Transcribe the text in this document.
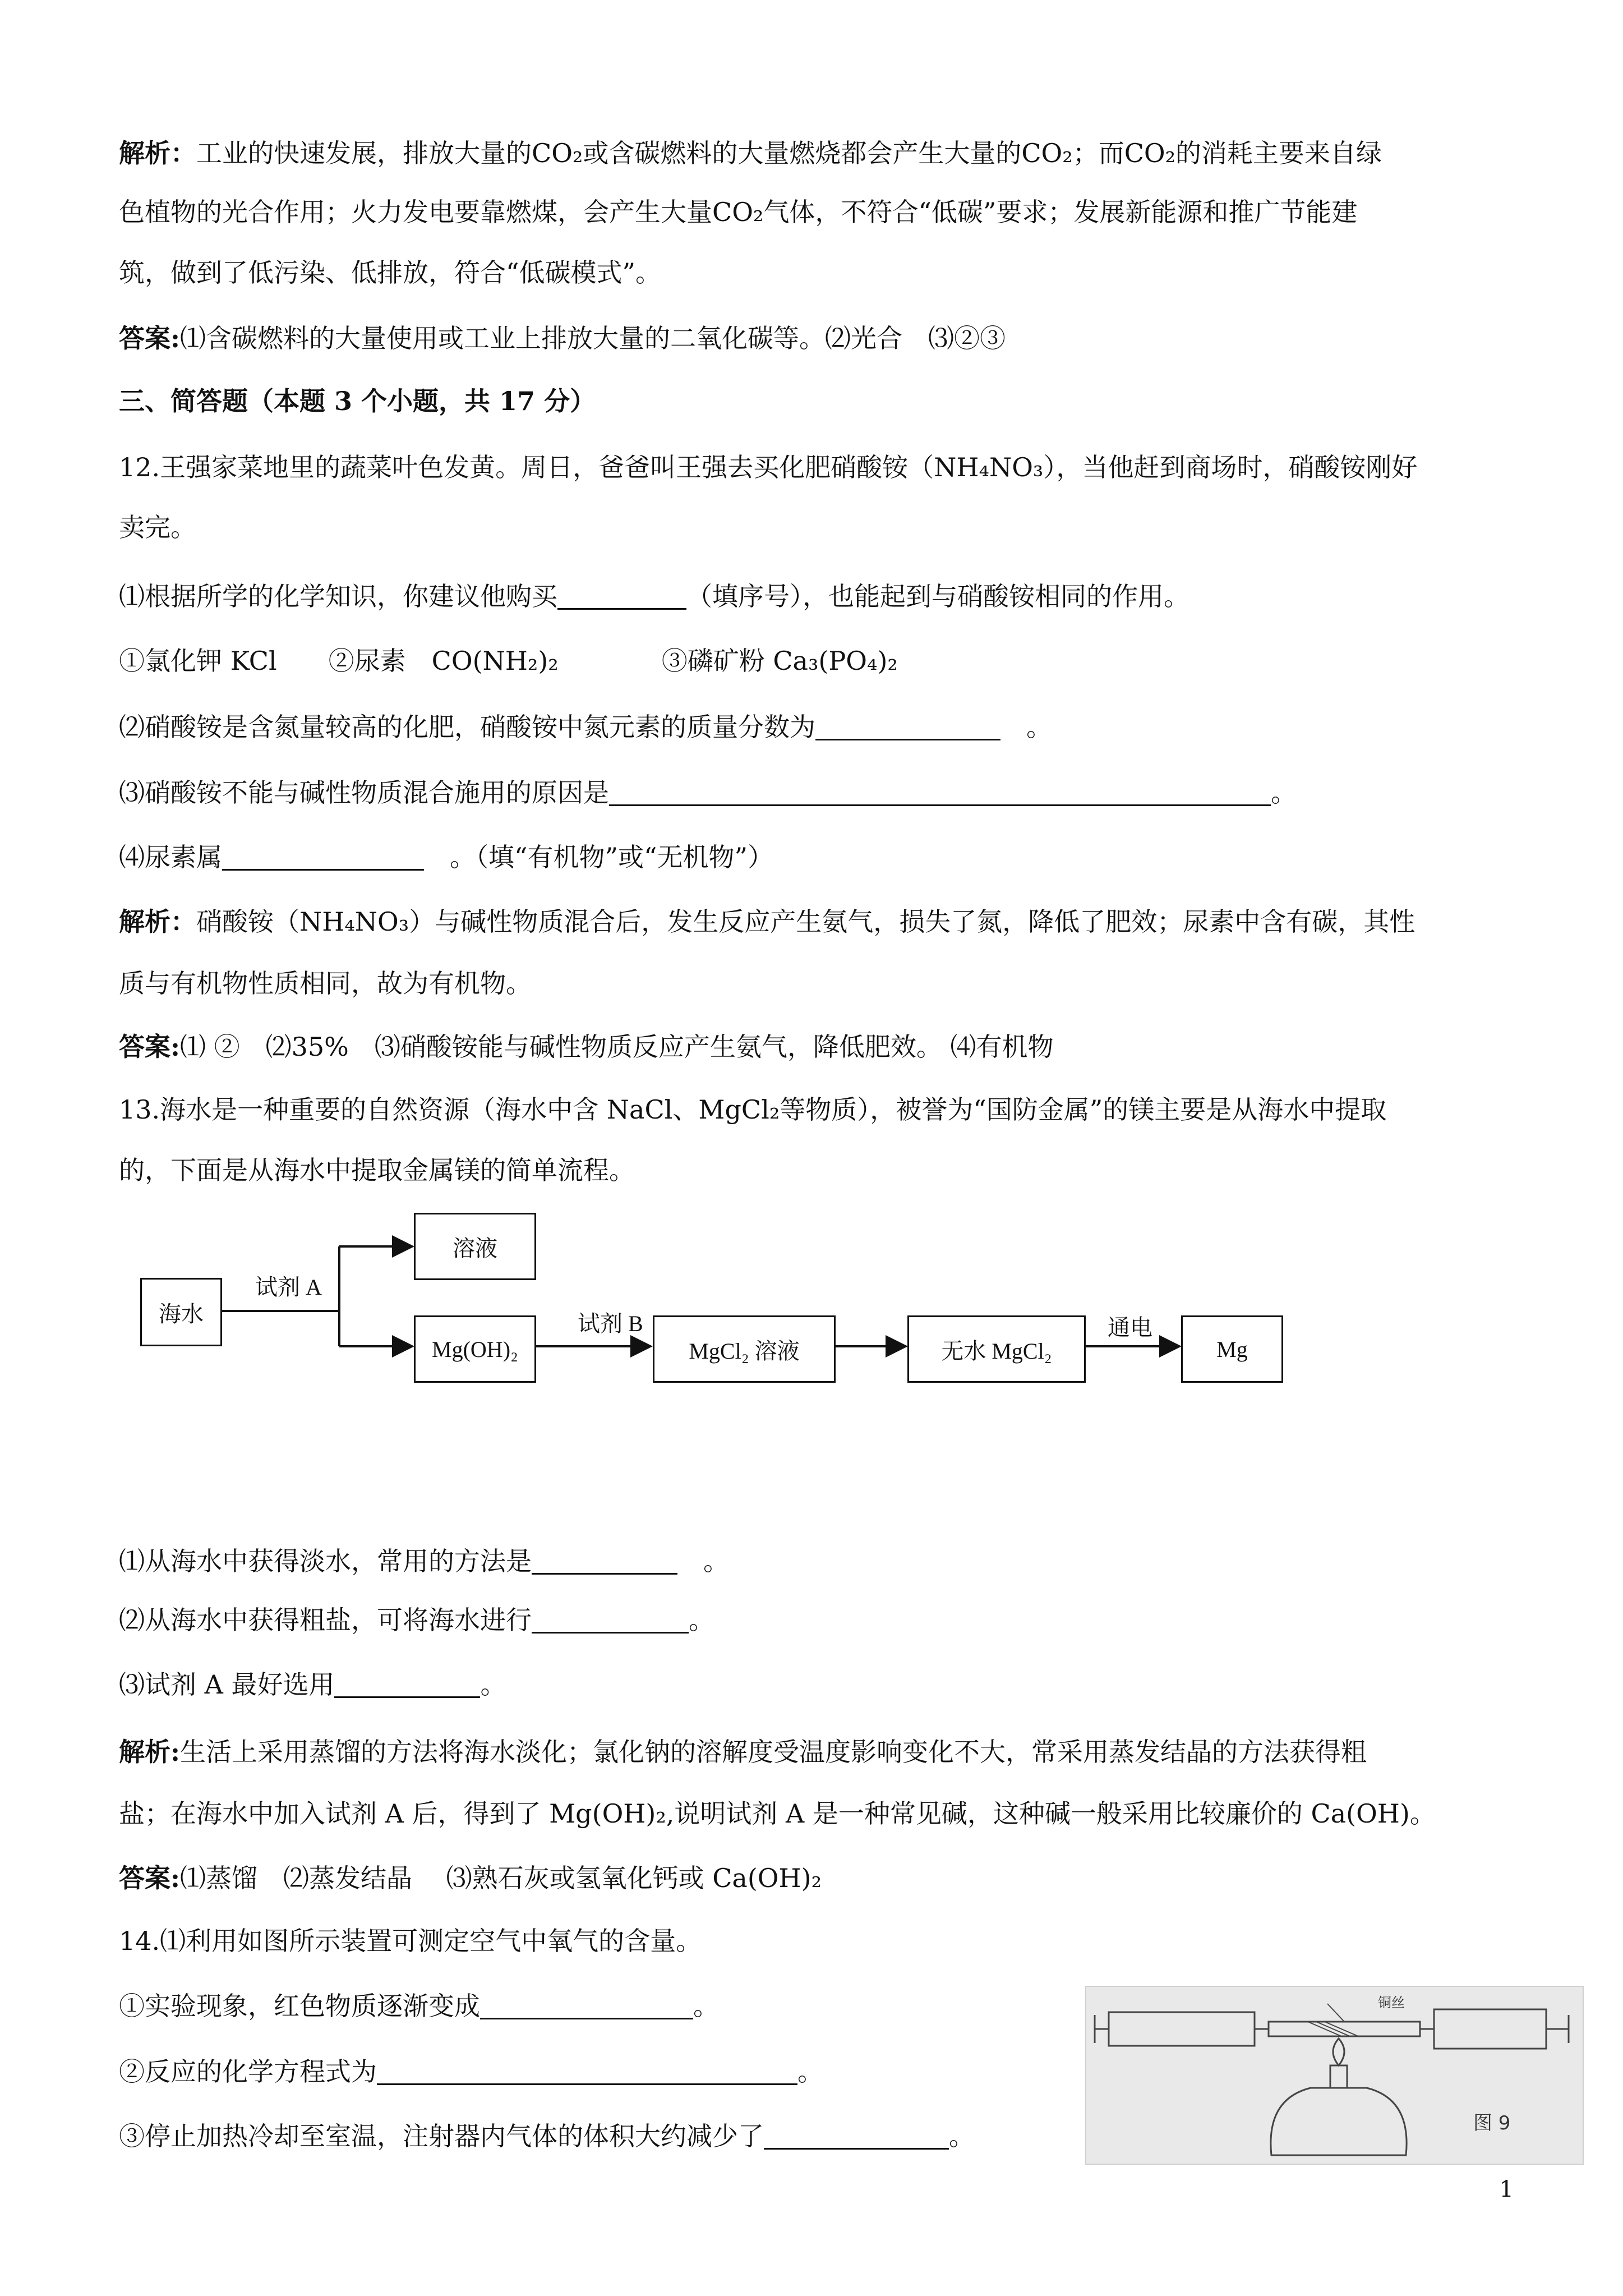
解析：工业的快速发展，排放大量的CO₂或含碳燃料的大量燃烧都会产生大量的CO₂；而CO₂的消耗主要来自绿
色植物的光合作用；火力发电要靠燃煤，会产生大量CO₂气体，不符合“低碳”要求；发展新能源和推广节能建
筑，做到了低污染、低排放，符合“低碳模式”。
答案:⑴含碳燃料的大量使用或工业上排放大量的二氧化碳等。⑵光合　⑶②③
三、简答题（本题 3 个小题，共 17 分）
12.王强家菜地里的蔬菜叶色发黄。周日，爸爸叫王强去买化肥硝酸铵（NH₄NO₃），当他赶到商场时，硝酸铵刚好
卖完。
⑴根据所学的化学知识，你建议他购买	（填序号），也能起到与硝酸铵相同的作用。
①氯化钾 KCl　　②尿素　CO(NH₂)₂　　　　③磷矿粉 Ca₃(PO₄)₂
⑵硝酸铵是含氮量较高的化肥，硝酸铵中氮元素的质量分数为	　。
⑶硝酸铵不能与碱性物质混合施用的原因是	。
⑷尿素属	　。（填“有机物”或“无机物”）
解析：硝酸铵（NH₄NO₃）与碱性物质混合后，发生反应产生氨气，损失了氮，降低了肥效；尿素中含有碳，其性
质与有机物性质相同，故为有机物。
答案:⑴ ②　⑵35%　⑶硝酸铵能与碱性物质反应产生氨气，降低肥效。 ⑷有机物
13.海水是一种重要的自然资源（海水中含 NaCl、MgCl₂等物质），被誉为“国防金属”的镁主要是从海水中提取
的，下面是从海水中提取金属镁的简单流程。
⑴从海水中获得淡水，常用的方法是	　。
⑵从海水中获得粗盐，可将海水进行	。
⑶试剂 A 最好选用	。
解析:生活上采用蒸馏的方法将海水淡化；氯化钠的溶解度受温度影响变化不大，常采用蒸发结晶的方法获得粗
盐；在海水中加入试剂 A 后，得到了 Mg(OH)₂,说明试剂 A 是一种常见碱，这种碱一般采用比较廉价的 Ca(OH)。
答案:⑴蒸馏　⑵蒸发结晶　 ⑶熟石灰或氢氧化钙或 Ca(OH)₂
14.⑴利用如图所示装置可测定空气中氧气的含量。
①实验现象，红色物质逐渐变成	。
②反应的化学方程式为	。
③停止加热冷却至室温，注射器内气体的体积大约减少了	。
海水
试剂 A
溶液
Mg(OH)₂
试剂 B
MgCl₂ 溶液	无水 MgCl₂
通电
Mg
铜丝
图 9
1
